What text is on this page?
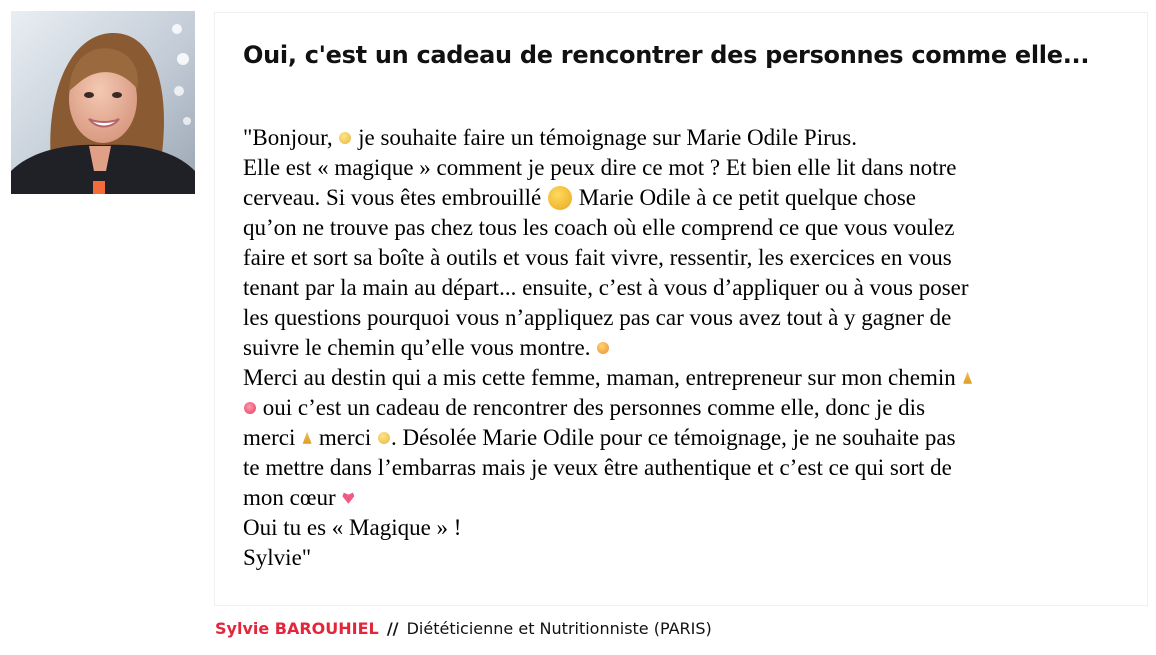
Oui, c'est un cadeau de rencontrer des personnes comme elle...
"Bonjour,  je souhaite faire un témoignage sur Marie Odile Pirus.
Elle est « magique » comment je peux dire ce mot ? Et bien elle lit dans notre
cerveau. Si vous êtes embrouillé  Marie Odile à ce petit quelque chose
qu’on ne trouve pas chez tous les coach où elle comprend ce que vous voulez
faire et sort sa boîte à outils et vous fait vivre, ressentir, les exercices en vous
tenant par la main au départ... ensuite, c’est à vous d’appliquer ou à vous poser
les questions pourquoi vous n’appliquez pas car vous avez tout à y gagner de
suivre le chemin qu’elle vous montre.
Merci au destin qui a mis cette femme, maman, entrepreneur sur mon chemin
oui c’est un cadeau de rencontrer des personnes comme elle, donc je dis
merci  merci . Désolée Marie Odile pour ce témoignage, je ne souhaite pas
te mettre dans l’embarras mais je veux être authentique et c’est ce qui sort de
mon cœur
Oui tu es « Magique » !
Sylvie"
Sylvie BAROUHIEL // Diététicienne et Nutritionniste (PARIS)
